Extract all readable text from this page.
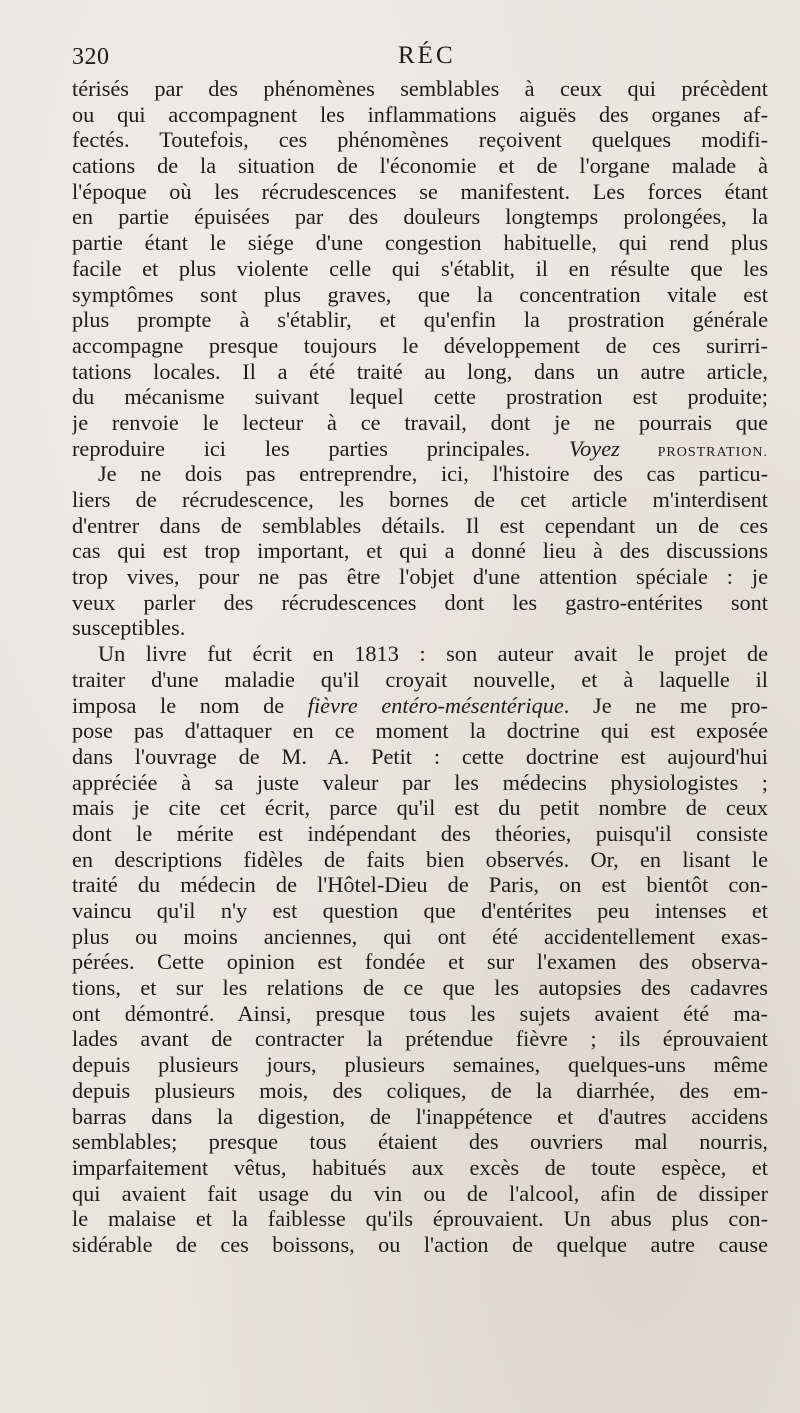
320	RÉC
térisés par des phénomènes semblables à ceux qui précèdent
ou qui accompagnent les inflammations aiguës des organes af-
fectés. Toutefois, ces phénomènes reçoivent quelques modifi-
cations de la situation de l'économie et de l'organe malade à
l'époque où les récrudescences se manifestent. Les forces étant
en partie épuisées par des douleurs longtemps prolongées, la
partie étant le siége d'une congestion habituelle, qui rend plus
facile et plus violente celle qui s'établit, il en résulte que les
symptômes sont plus graves, que la concentration vitale est
plus prompte à s'établir, et qu'enfin la prostration générale
accompagne presque toujours le développement de ces surirri-
tations locales. Il a été traité au long, dans un autre article,
du mécanisme suivant lequel cette prostration est produite;
je renvoie le lecteur à ce travail, dont je ne pourrais que
reproduire ici les parties principales. Voyez PROSTRATION.
Je ne dois pas entreprendre, ici, l'histoire des cas particu-
liers de récrudescence, les bornes de cet article m'interdisent
d'entrer dans de semblables détails. Il est cependant un de ces
cas qui est trop important, et qui a donné lieu à des discussions
trop vives, pour ne pas être l'objet d'une attention spéciale : je
veux parler des récrudescences dont les gastro-entérites sont
susceptibles.
Un livre fut écrit en 1813 : son auteur avait le projet de
traiter d'une maladie qu'il croyait nouvelle, et à laquelle il
imposa le nom de fièvre entéro-mésentérique. Je ne me pro-
pose pas d'attaquer en ce moment la doctrine qui est exposée
dans l'ouvrage de M. A. Petit : cette doctrine est aujourd'hui
appréciée à sa juste valeur par les médecins physiologistes ;
mais je cite cet écrit, parce qu'il est du petit nombre de ceux
dont le mérite est indépendant des théories, puisqu'il consiste
en descriptions fidèles de faits bien observés. Or, en lisant le
traité du médecin de l'Hôtel-Dieu de Paris, on est bientôt con-
vaincu qu'il n'y est question que d'entérites peu intenses et
plus ou moins anciennes, qui ont été accidentellement exas-
pérées. Cette opinion est fondée et sur l'examen des observa-
tions, et sur les relations de ce que les autopsies des cadavres
ont démontré. Ainsi, presque tous les sujets avaient été ma-
lades avant de contracter la prétendue fièvre ; ils éprouvaient
depuis plusieurs jours, plusieurs semaines, quelques-uns même
depuis plusieurs mois, des coliques, de la diarrhée, des em-
barras dans la digestion, de l'inappétence et d'autres accidens
semblables; presque tous étaient des ouvriers mal nourris,
imparfaitement vêtus, habitués aux excès de toute espèce, et
qui avaient fait usage du vin ou de l'alcool, afin de dissiper
le malaise et la faiblesse qu'ils éprouvaient. Un abus plus con-
sidérable de ces boissons, ou l'action de quelque autre cause
